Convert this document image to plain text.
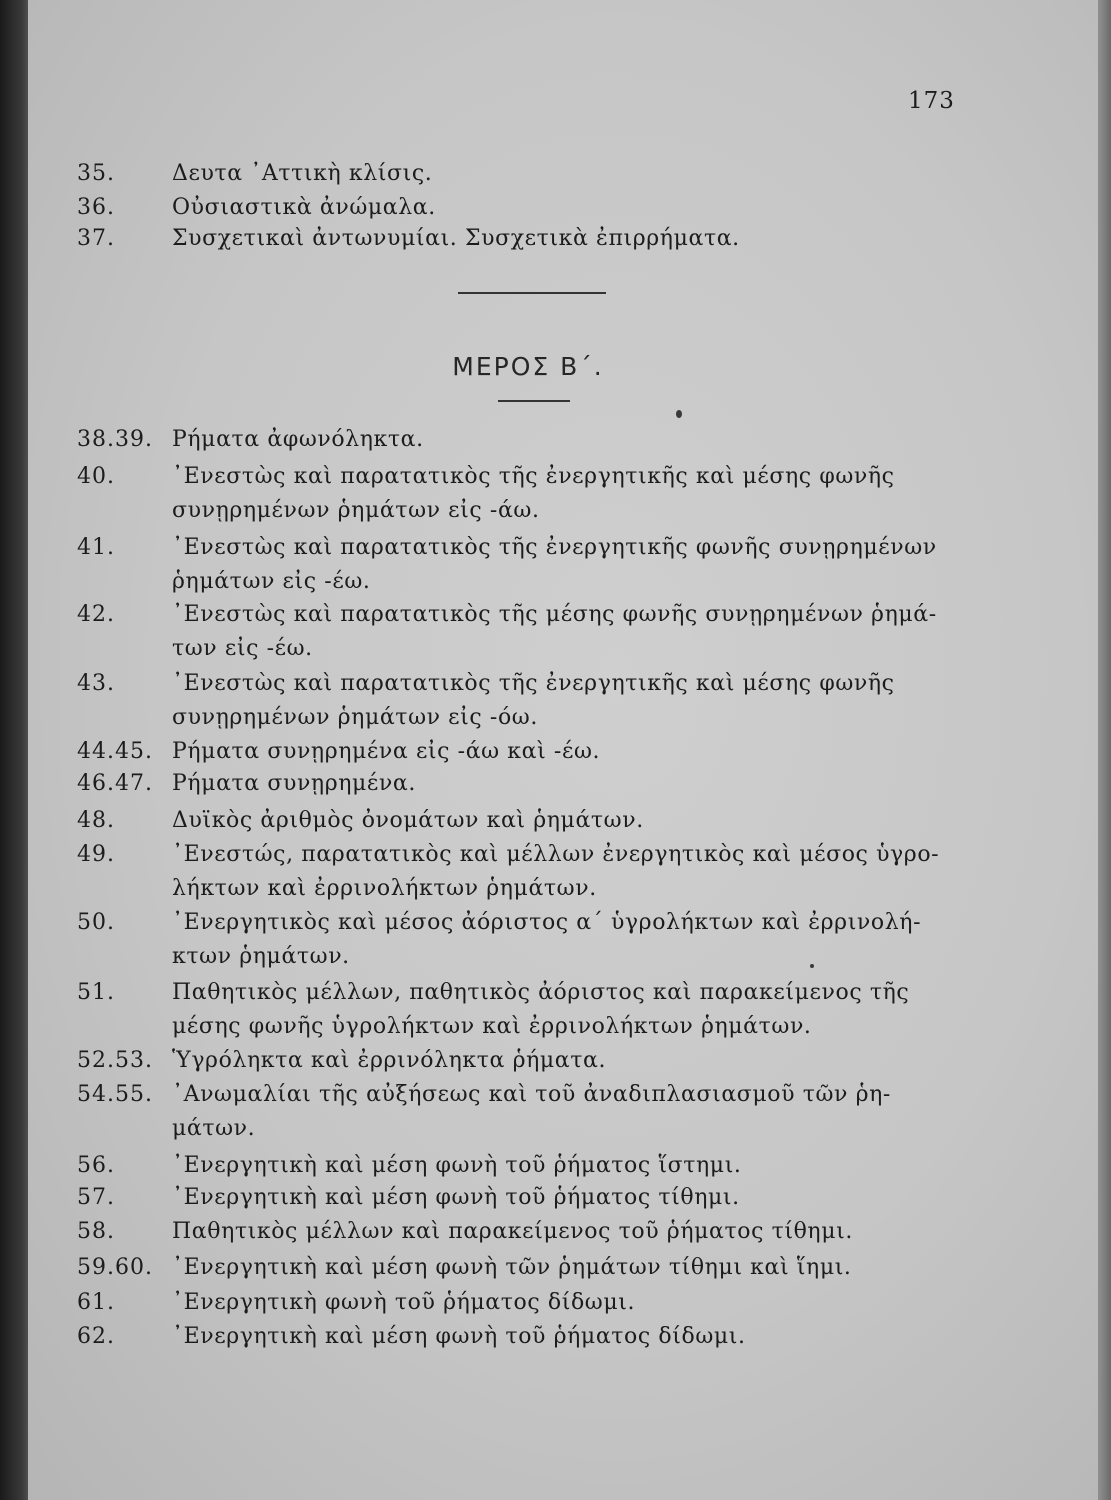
173
35.	Δευτα ᾿Αττικὴ κλίσις.
36.	Οὐσιαστικὰ ἀνώμαλα.
37.	Συσχετικαὶ ἀντωνυμίαι. Συσχετικὰ ἐπιρρήματα.
ΜΕΡΟΣ Β΄.
38.39. Ρήματα ἀφωνόληκτα.
40.	᾿Ενεστὼς καὶ παρατατικὸς τῆς ἐνεργητικῆς καὶ μέσης φωνῆς
συνῃρημένων ῥημάτων εἰς -άω.
41.	᾿Ενεστὼς καὶ παρατατικὸς τῆς ἐνεργητικῆς φωνῆς συνῃρημένων
ῥημάτων εἰς -έω.
42.	᾿Ενεστὼς καὶ παρατατικὸς τῆς μέσης φωνῆς συνῃρημένων ῥημά-
των εἰς -έω.
43.	᾿Ενεστὼς καὶ παρατατικὸς τῆς ἐνεργητικῆς καὶ μέσης φωνῆς
συνῃρημένων ῥημάτων εἰς -όω.
44.45. Ρήματα συνῃρημένα εἰς -άω καὶ -έω.
46.47. Ρήματα συνῃρημένα.
48.	Δυϊκὸς ἀριθμὸς ὀνομάτων καὶ ῥημάτων.
49.	᾿Ενεστώς, παρατατικὸς καὶ μέλλων ἐνεργητικὸς καὶ μέσος ὑγρο-
λήκτων καὶ ἐρρινολήκτων ῥημάτων.
50.	᾿Ενεργητικὸς καὶ μέσος ἀόριστος α΄ ὑγρολήκτων καὶ ἐρρινολή-
κτων ῥημάτων.
51.	Παθητικὸς μέλλων, παθητικὸς ἀόριστος καὶ παρακείμενος τῆς
μέσης φωνῆς ὑγρολήκτων καὶ ἐρρινολήκτων ῥημάτων.
52.53. Ὑγρόληκτα καὶ ἐρρινόληκτα ῥήματα.
54.55. ᾿Ανωμαλίαι τῆς αὐξήσεως καὶ τοῦ ἀναδιπλασιασμοῦ τῶν ῥη-
μάτων.
56.	᾿Ενεργητικὴ καὶ μέση φωνὴ τοῦ ῥήματος ἵστημι.
57.	᾿Ενεργητικὴ καὶ μέση φωνὴ τοῦ ῥήματος τίθημι.
58.	Παθητικὸς μέλλων καὶ παρακείμενος τοῦ ῥήματος τίθημι.
59.60. ᾿Ενεργητικὴ καὶ μέση φωνὴ τῶν ῥημάτων τίθημι καὶ ἵημι.
61.	᾿Ενεργητικὴ φωνὴ τοῦ ῥήματος δίδωμι.
62.	᾿Ενεργητικὴ καὶ μέση φωνὴ τοῦ ῥήματος δίδωμι.
